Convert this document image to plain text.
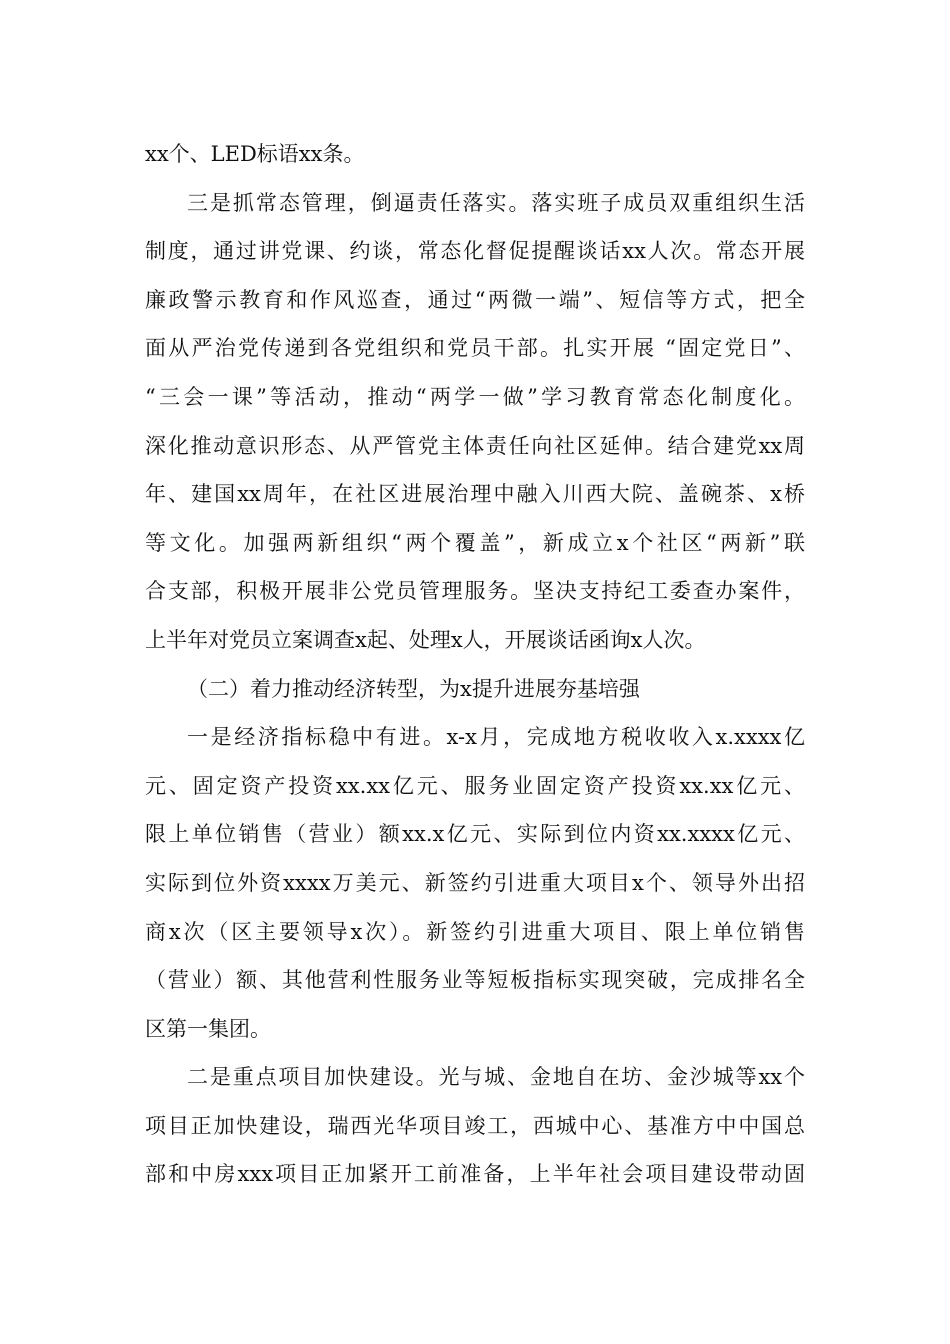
xx个、LED标语xx条。
三是抓常态管理，倒逼责任落实。落实班子成员双重组织生活
制度，通过讲党课、约谈，常态化督促提醒谈话xx人次。常态开展
廉政警示教育和作风巡查，通过“两微一端”、短信等方式，把全
面从严治党传递到各党组织和党员干部。扎实开展 “固定党日”、
“三会一课”等活动，推动“两学一做”学习教育常态化制度化。
深化推动意识形态、从严管党主体责任向社区延伸。结合建党xx周
年、建国xx周年，在社区进展治理中融入川西大院、盖碗茶、x桥
等文化。加强两新组织“两个覆盖”，新成立x个社区“两新”联
合支部，积极开展非公党员管理服务。坚决支持纪工委查办案件，
上半年对党员立案调查x起、处理x人，开展谈话函询x人次。
（二）着力推动经济转型，为x提升进展夯基培强
一是经济指标稳中有进。x-x月，完成地方税收收入x.xxxx亿
元、固定资产投资xx.xx亿元、服务业固定资产投资xx.xx亿元、
限上单位销售（营业）额xx.x亿元、实际到位内资xx.xxxx亿元、
实际到位外资xxxx万美元、新签约引进重大项目x个、领导外出招
商x次（区主要领导x次）。新签约引进重大项目、限上单位销售
（营业）额、其他营利性服务业等短板指标实现突破，完成排名全
区第一集团。
二是重点项目加快建设。光与城、金地自在坊、金沙城等xx个
项目正加快建设，瑞西光华项目竣工，西城中心、基准方中中国总
部和中房xxx项目正加紧开工前准备，上半年社会项目建设带动固
